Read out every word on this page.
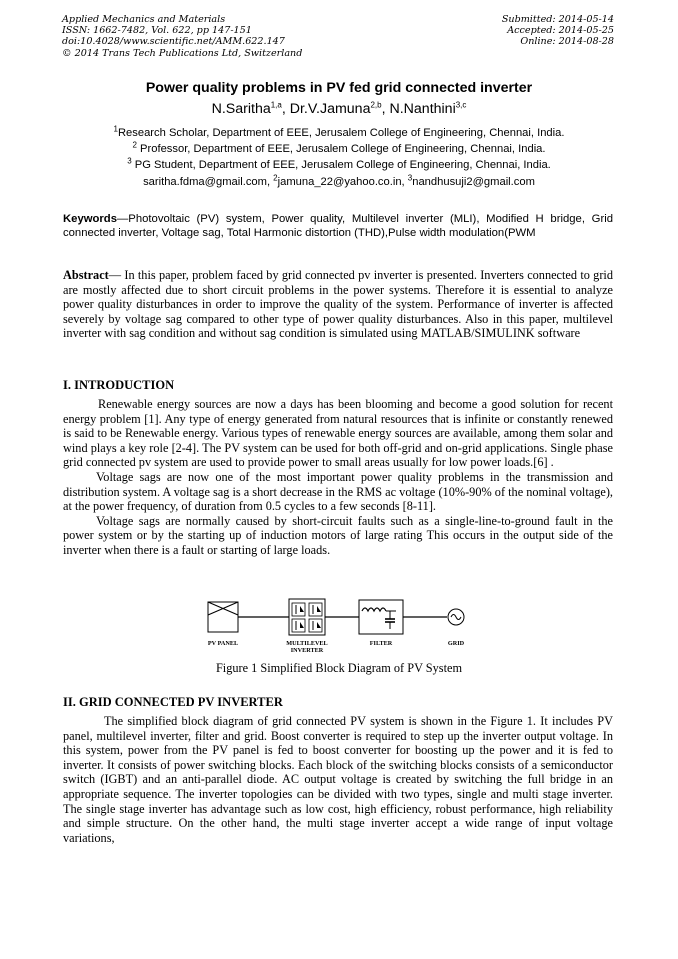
Applied Mechanics and Materials
ISSN: 1662-7482, Vol. 622, pp 147-151
doi:10.4028/www.scientific.net/AMM.622.147
© 2014 Trans Tech Publications Ltd, Switzerland
Submitted: 2014-05-14
Accepted: 2014-05-25
Online: 2014-08-28
Power quality problems in PV fed grid connected inverter
N.Saritha$^{1,a}$, Dr.V.Jamuna$^{2,b}$, N.Nanthini$^{3,c}$
$^1$Research Scholar, Department of EEE, Jerusalem College of Engineering, Chennai, India.
$^2$ Professor, Department of EEE, Jerusalem College of Engineering, Chennai, India.
$^3$ PG Student, Department of EEE, Jerusalem College of Engineering, Chennai, India.
saritha.fdma@gmail.com, $^2$jamuna_22@yahoo.co.in, $^3$nandhusuji2@gmail.com
Keywords—Photovoltaic (PV) system, Power quality, Multilevel inverter (MLI), Modified H bridge, Grid connected inverter, Voltage sag, Total Harmonic distortion (THD),Pulse width modulation(PWM
Abstract— In this paper, problem faced by grid connected pv inverter is presented. Inverters connected to grid are mostly affected due to short circuit problems in the power systems. Therefore it is essential to analyze power quality disturbances in order to improve the quality of the system. Performance of inverter is affected severely by voltage sag compared to other type of power quality disturbances. Also in this paper, multilevel inverter with sag condition and without sag condition is simulated using MATLAB/SIMULINK software
I. INTRODUCTION

Renewable energy sources are now a days has been blooming and become a good solution for recent energy problem [1]. Any type of energy generated from natural resources that is infinite or constantly renewed is said to be Renewable energy. Various types of renewable energy sources are available, among them solar and wind plays a key role [2-4]. The PV system can be used for both off-grid and on-grid applications. Single phase grid connected pv system are used to provide power to small areas usually for low power loads.[6] .

Voltage sags are now one of the most important power quality problems in the transmission and distribution system. A voltage sag is a short decrease in the RMS ac voltage (10%-90% of the nominal voltage), at the power frequency, of duration from 0.5 cycles to a few seconds [8-11].

Voltage sags are normally caused by short-circuit faults such as a single-line-to-ground fault in the power system or by the starting up of induction motors of large rating This occurs in the output side of the inverter when there is a fault or starting of large loads.

PV PANEL	MULTILEVEL
INVERTER
FILTER	GRID
Figure 1 Simplified Block Diagram of PV System
II. GRID CONNECTED PV INVERTER

The simplified block diagram of grid connected PV system is shown in the Figure 1. It includes PV panel, multilevel inverter, filter and grid. Boost converter is required to step up the inverter output voltage. In this system, power from the PV panel is fed to boost converter for boosting up the power and it is fed to inverter. It consists of power switching blocks. Each block of the switching blocks consists of a semiconductor switch (IGBT) and an anti-parallel diode. AC output voltage is created by switching the full bridge in an appropriate sequence. The inverter topologies can be divided with two types, single and multi stage inverter. The single stage inverter has advantage such as low cost, high efficiency, robust performance, high reliability and simple structure. On the other hand, the multi stage inverter accept a wide range of input voltage variations,
